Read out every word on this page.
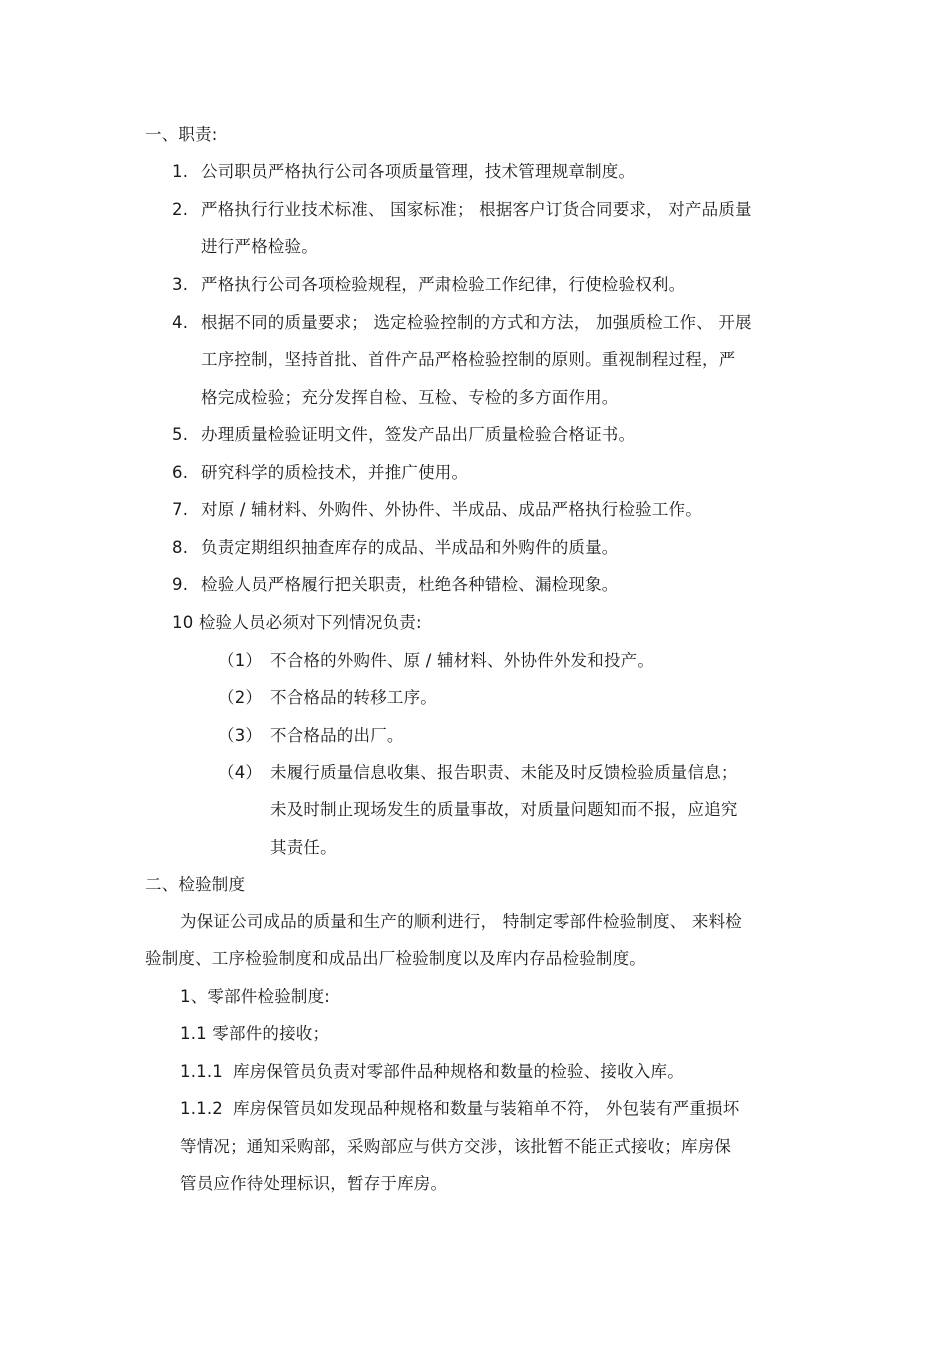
一、职责:
1. 公司职员严格执行公司各项质量管理，技术管理规章制度。
2. 严格执行行业技术标准、 国家标准； 根据客户订货合同要求， 对产品质量
进行严格检验。
3. 严格执行公司各项检验规程，严肃检验工作纪律，行使检验权利。
4. 根据不同的质量要求； 选定检验控制的方式和方法， 加强质检工作、 开展
工序控制，坚持首批、首件产品严格检验控制的原则。重视制程过程，严
格完成检验；充分发挥自检、互检、专检的多方面作用。
5. 办理质量检验证明文件，签发产品出厂质量检验合格证书。
6. 研究科学的质检技术，并推广使用。
7. 对原 / 辅材料、外购件、外协件、半成品、成品严格执行检验工作。
8. 负责定期组织抽查库存的成品、半成品和外购件的质量。
9. 检验人员严格履行把关职责，杜绝各种错检、漏检现象。
10 检验人员必须对下列情况负责:
（1） 不合格的外购件、原 / 辅材料、外协件外发和投产。
（2） 不合格品的转移工序。
（3） 不合格品的出厂。
（4） 未履行质量信息收集、报告职责、未能及时反馈检验质量信息；
未及时制止现场发生的质量事故，对质量问题知而不报，应追究
其责任。
二、检验制度
为保证公司成品的质量和生产的顺利进行， 特制定零部件检验制度、 来料检
验制度、工序检验制度和成品出厂检验制度以及库内存品检验制度。
1、零部件检验制度:
1.1 零部件的接收；
1.1.1 库房保管员负责对零部件品种规格和数量的检验、接收入库。
1.1.2 库房保管员如发现品种规格和数量与装箱单不符， 外包装有严重损坏
等情况；通知采购部，采购部应与供方交涉，该批暂不能正式接收；库房保
管员应作待处理标识，暂存于库房。
